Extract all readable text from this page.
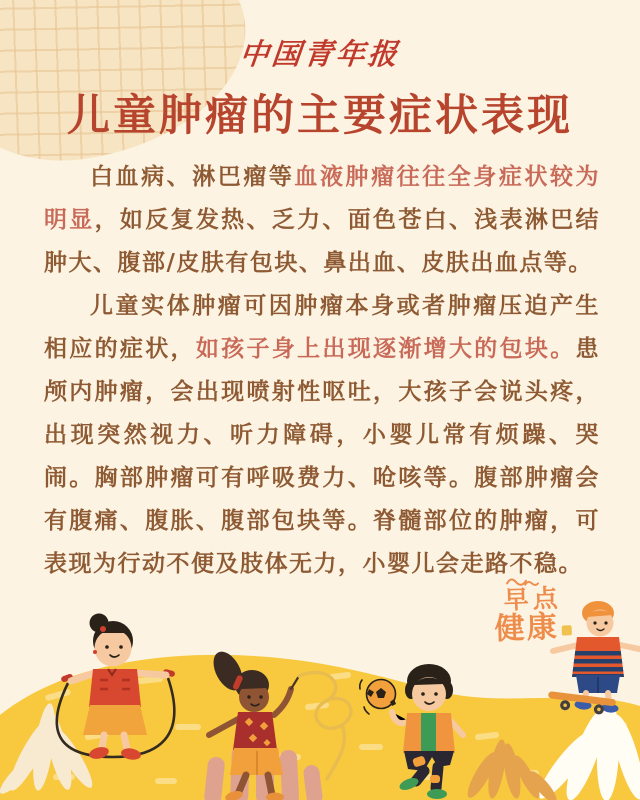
中国青年报
儿童肿瘤的主要症状表现

白血病、淋巴瘤等血液肿瘤往往全身症状较为明显，如反复发热、乏力、面色苍白、浅表淋巴结肿大、腹部/皮肤有包块、鼻出血、皮肤出血点等。

儿童实体肿瘤可因肿瘤本身或者肿瘤压迫产生相应的症状，如孩子身上出现逐渐增大的包块。患颅内肿瘤，会出现喷射性呕吐，大孩子会说头疼，出现突然视力、听力障碍，小婴儿常有烦躁、哭闹。胸部肿瘤可有呼吸费力、呛咳等。腹部肿瘤会有腹痛、腹胀、腹部包块等。脊髓部位的肿瘤，可表现为行动不便及肢体无力，小婴儿会走路不稳。

早点
健康
